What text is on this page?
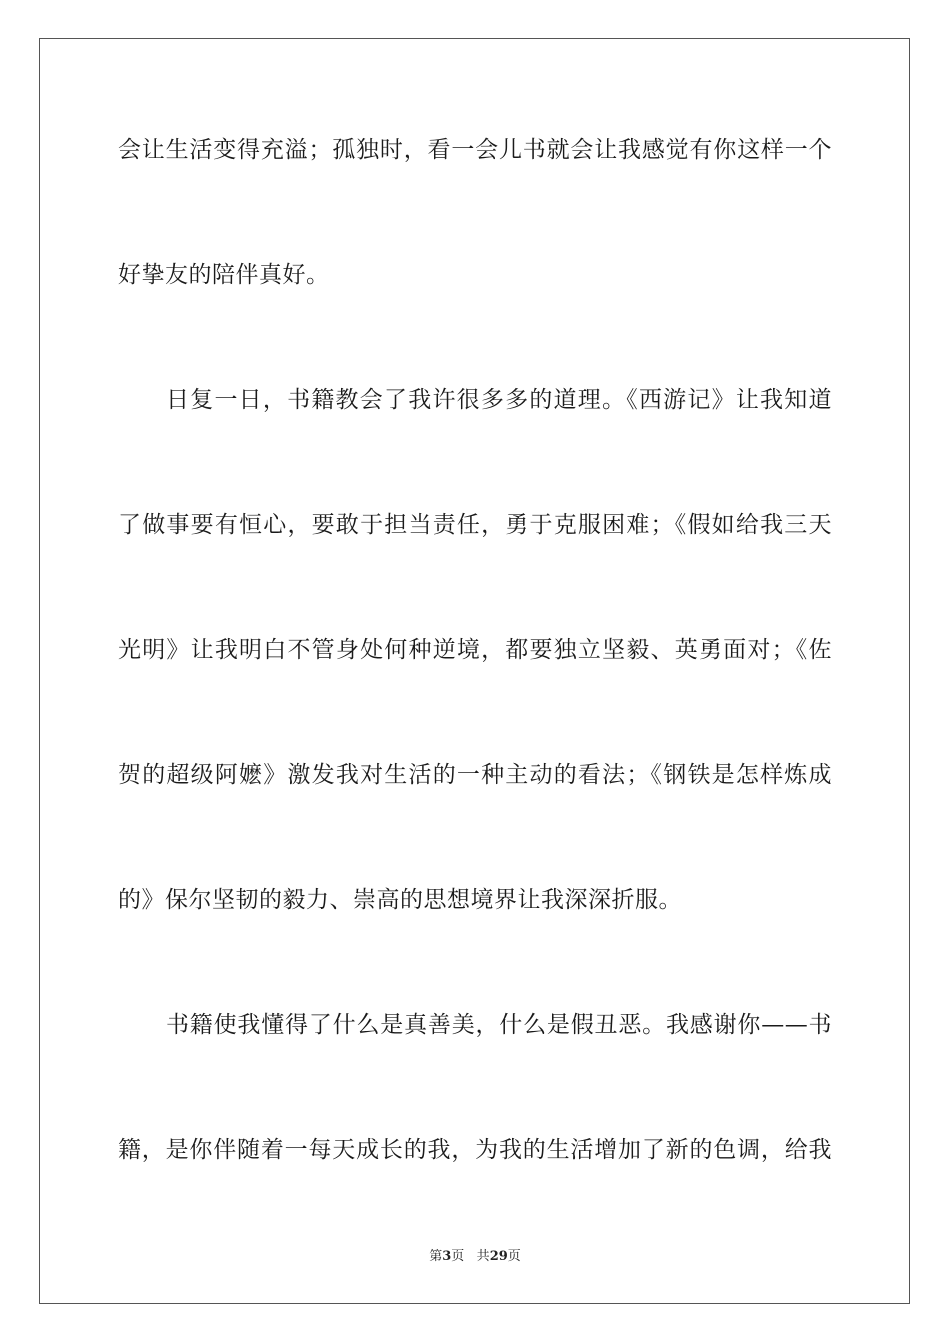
会让生活变得充溢；孤独时，看一会儿书就会让我感觉有你这样一个
好挚友的陪伴真好。
日复一日，书籍教会了我许很多多的道理。《西游记》让我知道
了做事要有恒心，要敢于担当责任，勇于克服困难；《假如给我三天
光明》让我明白不管身处何种逆境，都要独立坚毅、英勇面对；《佐
贺的超级阿嬷》激发我对生活的一种主动的看法；《钢铁是怎样炼成
的》保尔坚韧的毅力、崇高的思想境界让我深深折服。
书籍使我懂得了什么是真善美，什么是假丑恶。我感谢你——书
籍，是你伴随着一每天成长的我，为我的生活增加了新的色调，给我
第3页 共29页
